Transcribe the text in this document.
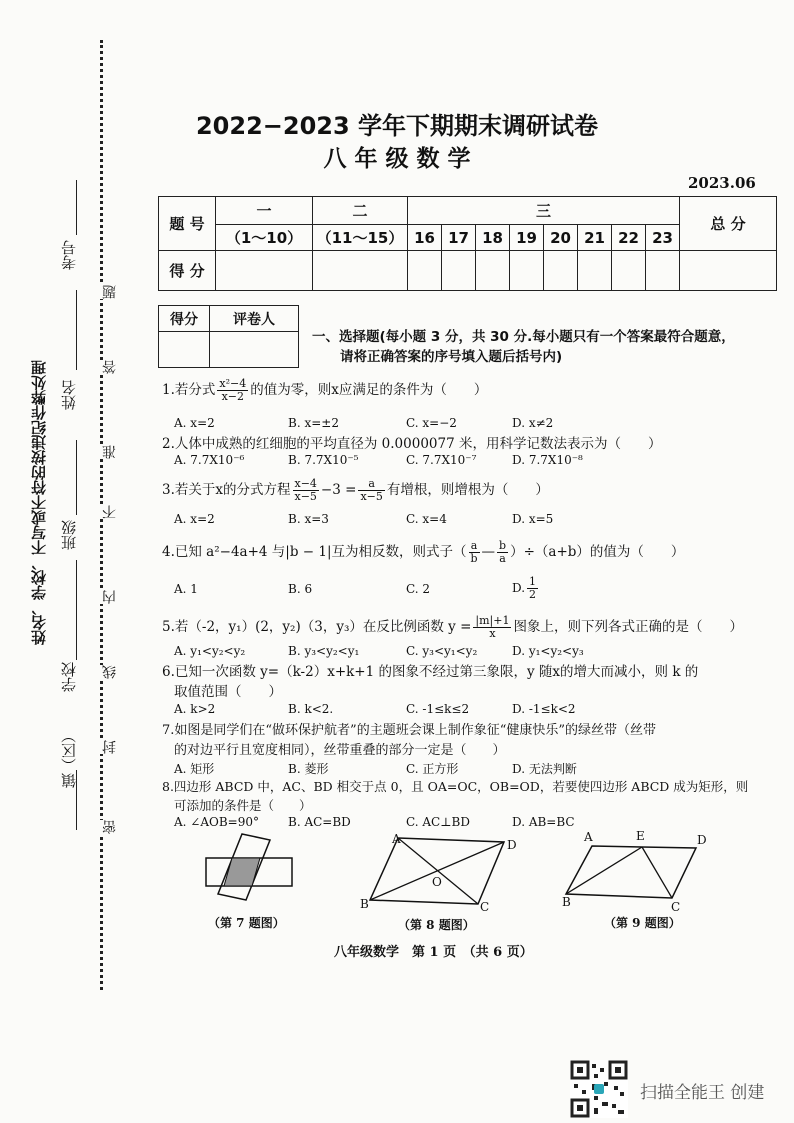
姓名、学校、不写或不符的按违纪作弊处理
镇（区）
学校
班级
姓名
考号
密
封
线
内
不
准
答
题
2022−2023 学年下期期末调研试卷
八 年 级 数 学
2023.06
题 号	一	二	三								总 分
	（1～10）	（11～15）	16	17	18	19	20	21	22	23	
得 分											
得分	评卷人

一、选择题(每小题 3 分，共 30 分.每小题只有一个答案最符合题意，
请将正确答案的序号填入题后括号内)
1.若分式 $\frac{\text{x²−4}}{x-2}$ 的值为零，则x应满足的条件为（　　）
A. x=2	B. x=±2	C. x=−2	D. x≠2
2.人体中成熟的红细胞的平均直径为 0.0000077 米，用科学记数法表示为（　　）
A. 7.7X10⁻⁶	B. 7.7X10⁻⁵	C. 7.7X10⁻⁷	D. 7.7X10⁻⁸
3.若关于x的分式方程 $\frac{x-4}{x-5} -3 = \frac{a}{x-5}$ 有增根，则增根为（　　）
A. x=2	B. x=3	C. x=4	D. x=5
4.已知 a²−4a+4 与|b − 1|互为相反数，则式子（ $\frac{a}{b}$ — $\frac{b}{a} )\div(a+b)$的值为（　　）
A. 1	B. 6	C. 2	D. $\frac{1}{2}$
5.若（-2，y₁）(2，y₂)（3，y₃）在反比例函数 $y = \frac{|m|+1}{x}$ 图象上，则下列各式正确的是（　　）
A. y₁<y₂<y₂	B. y₃<y₂<y₁	C. y₃<y₁<y₂	D. y₁<y₂<y₃
6.已知一次函数 y=（k-2）x+k+1 的图象不经过第三象限，y 随x的增大而减小，则 k 的
取值范围（　　）
A. k>2	B. k<2.	C. -1≤k≤2	D. -1≤k<2
7.如图是同学们在“做环保护航者”的主题班会课上制作象征“健康快乐”的绿丝带（丝带
的对边平行且宽度相同），丝带重叠的部分一定是（　　）
A. 矩形	B. 菱形	C. 正方形	D. 无法判断
8.四边形 ABCD 中，AC、BD 相交于点 0，且 OA=OC，OB=OD，若要使四边形 ABCD 成为矩形，则
可添加的条件是（　　）
A. ∠AOB=90° B. AC=BD	C. AC⊥BD	D. AB=BC
（第 7 题图）
A	D
O
B	C
（第 8 题图）
A	E	D
B	C
（第 9 题图）
八年级数学　第 1 页　（共 6 页）
扫描全能王 创建
